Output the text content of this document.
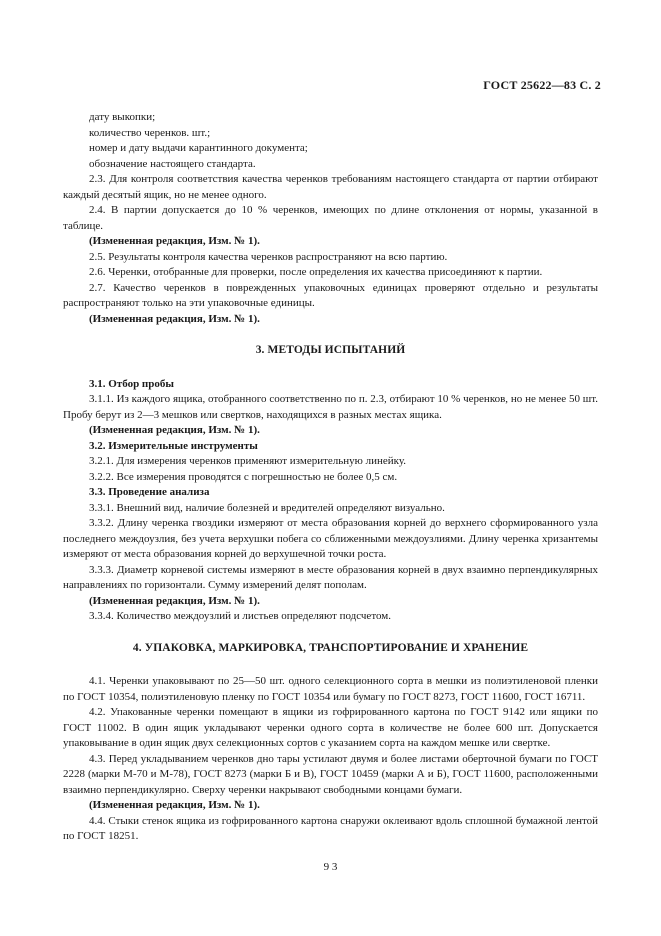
ГОСТ 25622—83 С. 2

дату выкопки;

количество черенков. шт.;

номер и дату выдачи карантинного документа;

обозначение настоящего стандарта.

2.3. Для контроля соответствия качества черенков требованиям настоящего стандарта от партии отбирают каждый десятый ящик, но не менее одного.

2.4. В партии допускается до 10 % черенков, имеющих по длине отклонения от нормы, указанной в таблице.

(Измененная редакция, Изм. № 1).

2.5. Результаты контроля качества черенков распространяют на всю партию.

2.6. Черенки, отобранные для проверки, после определения их качества присоединяют к партии.

2.7. Качество черенков в поврежденных упаковочных единицах проверяют отдельно и результаты распространяют только на эти упаковочные единицы.

(Измененная редакция, Изм. № 1).

3. МЕТОДЫ ИСПЫТАНИЙ

3.1. Отбор пробы

3.1.1. Из каждого ящика, отобранного соответственно по п. 2.3, отбирают 10 % черенков, но не менее 50 шт. Пробу берут из 2—3 мешков или свертков, находящихся в разных местах ящика.

(Измененная редакция, Изм. № 1).

3.2. Измерительные инструменты

3.2.1. Для измерения черенков применяют измерительную линейку.

3.2.2. Все измерения проводятся с погрешностью не более 0,5 см.

3.3. Проведение анализа

3.3.1. Внешний вид, наличие болезней и вредителей определяют визуально.

3.3.2. Длину черенка гвоздики измеряют от места образования корней до верхнего сформированного узла последнего междоузлия, без учета верхушки побега со сближенными междоузлиями. Длину черенка хризантемы измеряют от места образования корней до верхушечной точки роста.

3.3.3. Диаметр корневой системы измеряют в месте образования корней в двух взаимно перпендикулярных направлениях по горизонтали. Сумму измерений делят пополам.

(Измененная редакция, Изм. № 1).

3.3.4. Количество междоузлий и листьев определяют подсчетом.

4. УПАКОВКА, МАРКИРОВКА, ТРАНСПОРТИРОВАНИЕ И ХРАНЕНИЕ

4.1. Черенки упаковывают по 25—50 шт. одного селекционного сорта в мешки из полиэтиленовой пленки по ГОСТ 10354, полиэтиленовую пленку по ГОСТ 10354 или бумагу по ГОСТ 8273, ГОСТ 11600, ГОСТ 16711.

4.2. Упакованные черенки помещают в ящики из гофрированного картона по ГОСТ 9142 или ящики по ГОСТ 11002. В один ящик укладывают черенки одного сорта в количестве не более 600 шт. Допускается упаковывание в один ящик двух селекционных сортов с указанием сорта на каждом мешке или свертке.

4.3. Перед укладыванием черенков дно тары устилают двумя и более листами оберточной бумаги по ГОСТ 2228 (марки М-70 и М-78), ГОСТ 8273 (марки Б и В), ГОСТ 10459 (марки А и Б), ГОСТ 11600, расположенными взаимно перпендикулярно. Сверху черенки накрывают свободными концами бумаги.

(Измененная редакция, Изм. № 1).

4.4. Стыки стенок ящика из гофрированного картона снаружи оклеивают вдоль сплошной бумажной лентой по ГОСТ 18251.

9 3
